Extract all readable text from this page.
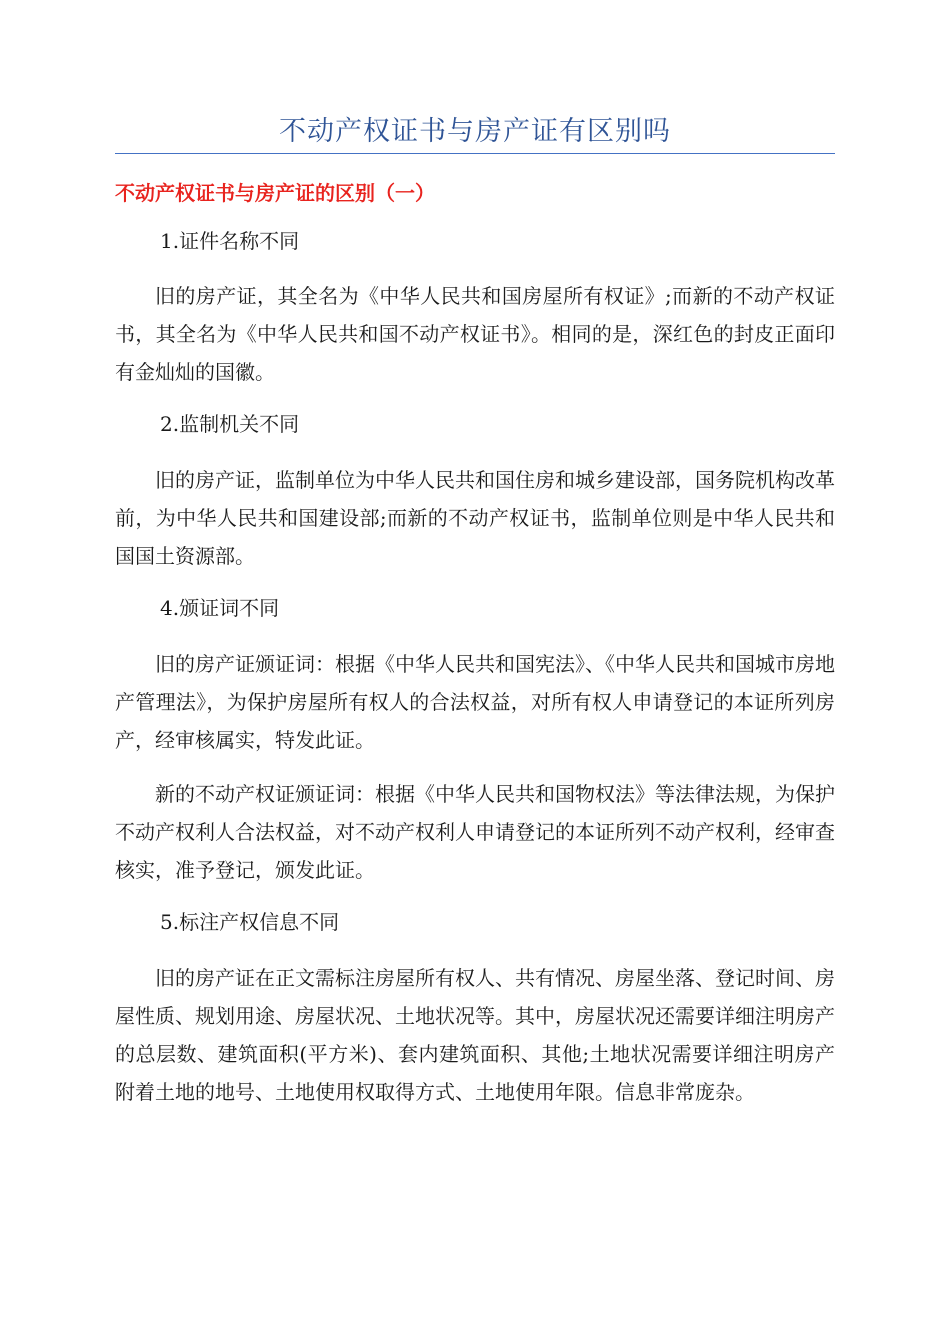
不动产权证书与房产证有区别吗
不动产权证书与房产证的区别（一）

1.证件名称不同

旧的房产证，其全名为《中华人民共和国房屋所有权证》;而新的不动产权证书，其全名为《中华人民共和国不动产权证书》。相同的是，深红色的封皮正面印有金灿灿的国徽。

2.监制机关不同

旧的房产证，监制单位为中华人民共和国住房和城乡建设部，国务院机构改革前，为中华人民共和国建设部;而新的不动产权证书，监制单位则是中华人民共和国国土资源部。

4.颁证词不同

旧的房产证颁证词：根据《中华人民共和国宪法》、《中华人民共和国城市房地产管理法》，为保护房屋所有权人的合法权益，对所有权人申请登记的本证所列房产，经审核属实，特发此证。

新的不动产权证颁证词：根据《中华人民共和国物权法》等法律法规，为保护不动产权利人合法权益，对不动产权利人申请登记的本证所列不动产权利，经审查核实，准予登记，颁发此证。

5.标注产权信息不同

旧的房产证在正文需标注房屋所有权人、共有情况、房屋坐落、登记时间、房屋性质、规划用途、房屋状况、土地状况等。其中，房屋状况还需要详细注明房产的总层数、建筑面积(平方米)、套内建筑面积、其他;土地状况需要详细注明房产附着土地的地号、土地使用权取得方式、土地使用年限。信息非常庞杂。
